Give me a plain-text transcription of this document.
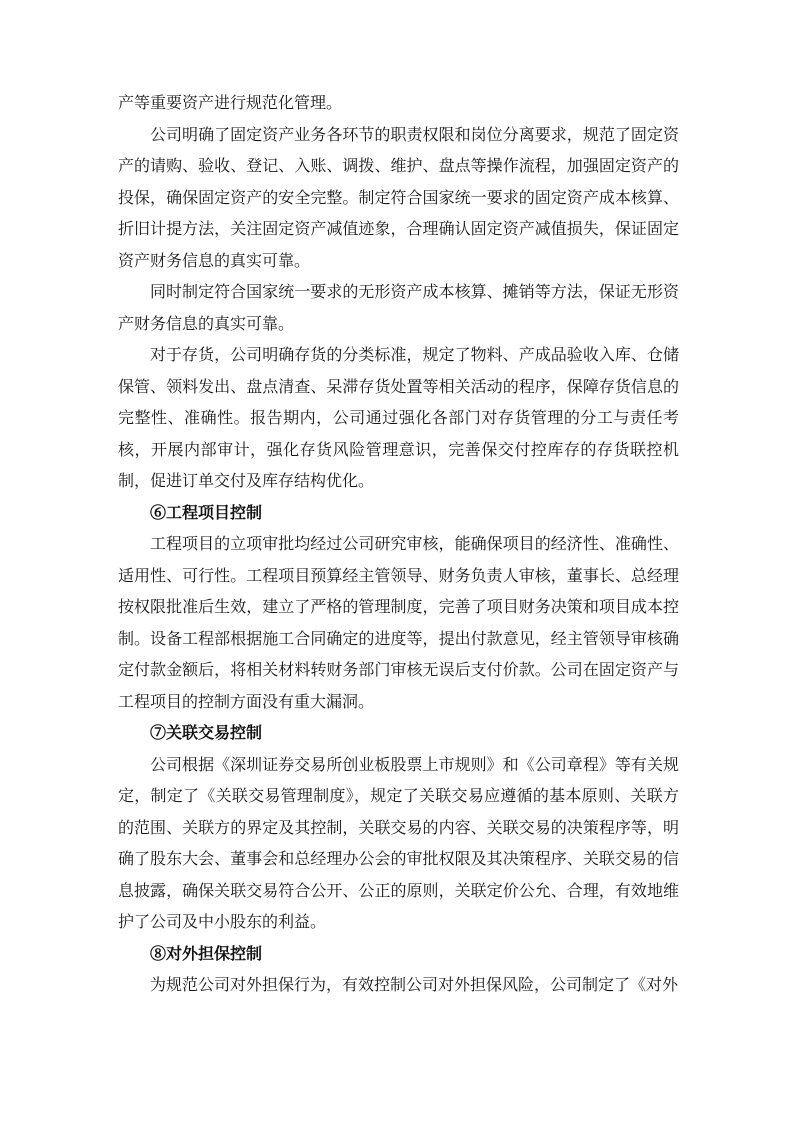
产等重要资产进行规范化管理。

公司明确了固定资产业务各环节的职责权限和岗位分离要求，规范了固定资产的请购、验收、登记、入账、调拨、维护、盘点等操作流程，加强固定资产的投保，确保固定资产的安全完整。制定符合国家统一要求的固定资产成本核算、折旧计提方法，关注固定资产减值迹象，合理确认固定资产减值损失，保证固定资产财务信息的真实可靠。

同时制定符合国家统一要求的无形资产成本核算、摊销等方法，保证无形资产财务信息的真实可靠。

对于存货，公司明确存货的分类标准，规定了物料、产成品验收入库、仓储保管、领料发出、盘点清查、呆滞存货处置等相关活动的程序，保障存货信息的完整性、准确性。报告期内，公司通过强化各部门对存货管理的分工与责任考核，开展内部审计，强化存货风险管理意识，完善保交付控库存的存货联控机制，促进订单交付及库存结构优化。

⑥工程项目控制

工程项目的立项审批均经过公司研究审核，能确保项目的经济性、准确性、适用性、可行性。工程项目预算经主管领导、财务负责人审核，董事长、总经理按权限批准后生效，建立了严格的管理制度，完善了项目财务决策和项目成本控制。设备工程部根据施工合同确定的进度等，提出付款意见，经主管领导审核确定付款金额后，将相关材料转财务部门审核无误后支付价款。公司在固定资产与工程项目的控制方面没有重大漏洞。

⑦关联交易控制

公司根据《深圳证券交易所创业板股票上市规则》和《公司章程》等有关规定，制定了《关联交易管理制度》，规定了关联交易应遵循的基本原则、关联方的范围、关联方的界定及其控制，关联交易的内容、关联交易的决策程序等，明确了股东大会、董事会和总经理办公会的审批权限及其决策程序、关联交易的信息披露，确保关联交易符合公开、公正的原则，关联定价公允、合理，有效地维护了公司及中小股东的利益。

⑧对外担保控制

为规范公司对外担保行为，有效控制公司对外担保风险，公司制定了《对外
